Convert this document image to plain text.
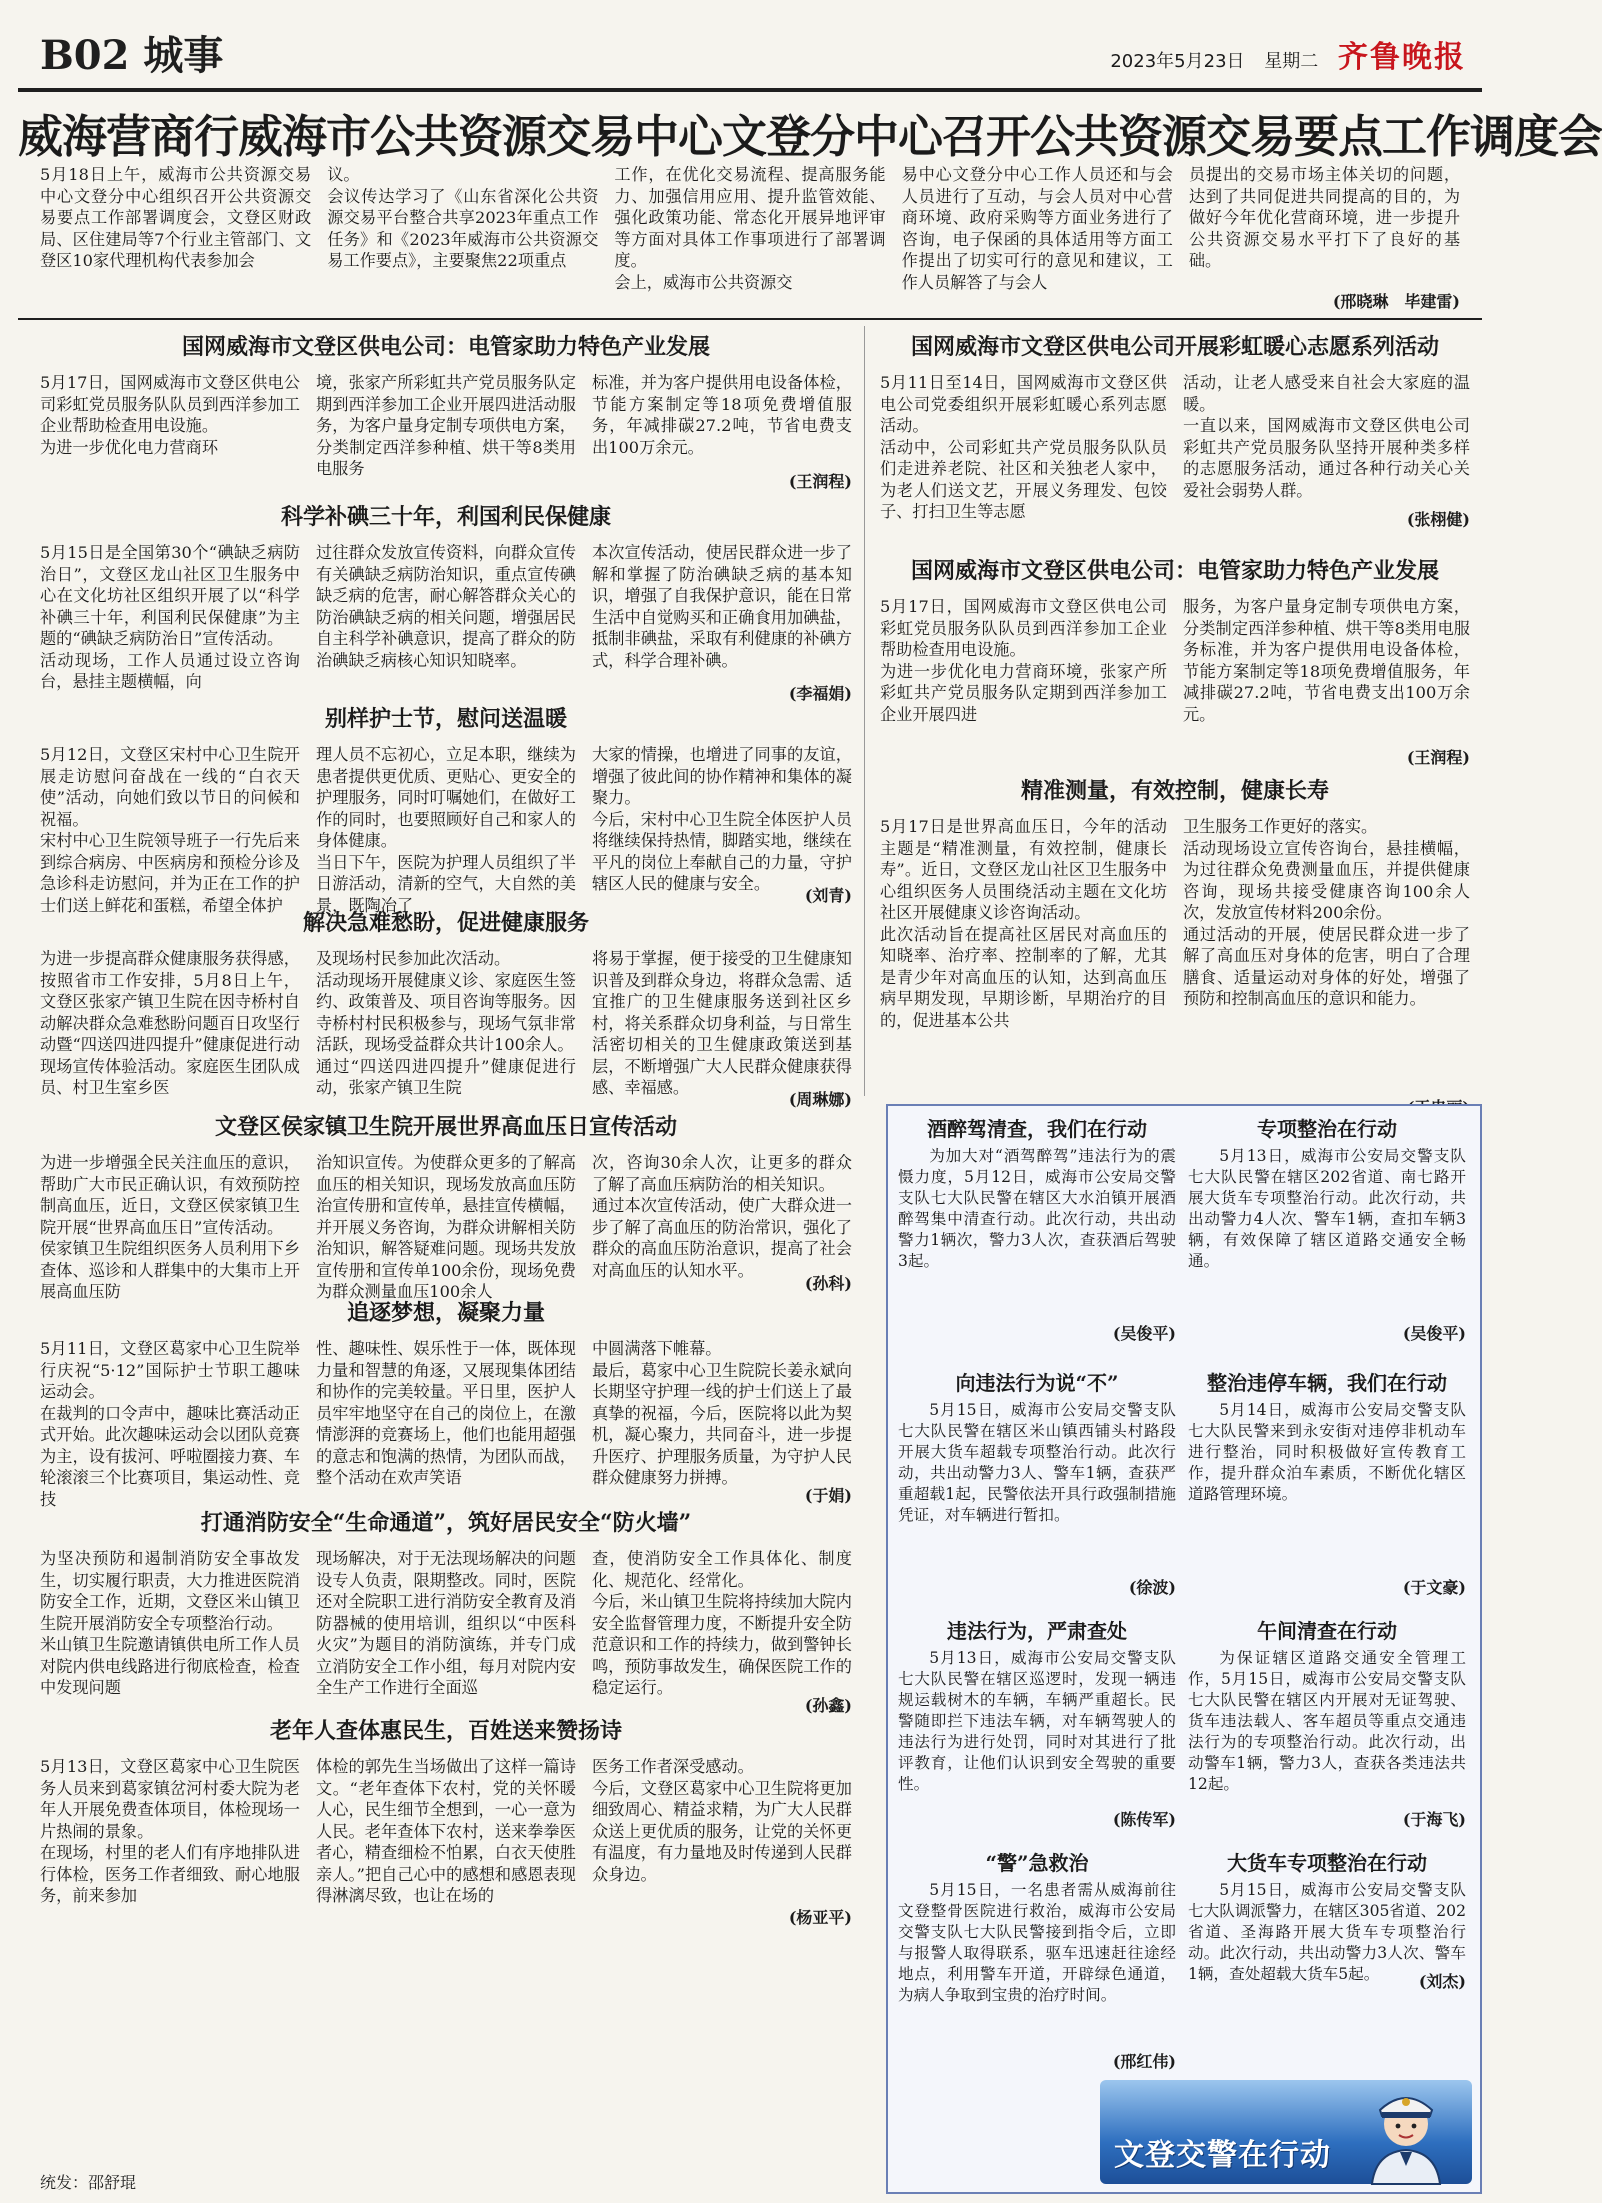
B02 城事	2023年5月23日 星期二 齐鲁晚报
威海营商行威海市公共资源交易中心文登分中心召开公共资源交易要点工作调度会
5月18日上午，威海市公共资源交易中心文登分中心组织召开公共资源交易要点工作部署调度会，文登区财政局、区住建局等7个行业主管部门、文登区10家代理机构代表参加会
议。
会议传达学习了《山东省深化公共资源交易平台整合共享2023年重点工作任务》和《2023年威海市公共资源交易工作要点》，主要聚焦22项重点
工作，在优化交易流程、提高服务能力、加强信用应用、提升监管效能、强化政策功能、常态化开展异地评审等方面对具体工作事项进行了部署调度。
会上，威海市公共资源交
易中心文登分中心工作人员还和与会人员进行了互动，与会人员对中心营商环境、政府采购等方面业务进行了咨询，电子保函的具体适用等方面工作提出了切实可行的意见和建议，工作人员解答了与会人
员提出的交易市场主体关切的问题，达到了共同促进共同提高的目的，为做好今年优化营商环境，进一步提升公共资源交易水平打下了良好的基础。
(邢晓琳　毕建雷)
国网威海市文登区供电公司：电管家助力特色产业发展
5月17日，国网威海市文登区供电公司彩虹党员服务队队员到西洋参加工企业帮助检查用电设施。
为进一步优化电力营商环
境，张家产所彩虹共产党员服务队定期到西洋参加工企业开展四进活动服务，为客户量身定制专项供电方案，分类制定西洋参种植、烘干等8类用电服务
标准，并为客户提供用电设备体检，节能方案制定等18项免费增值服务，年减排碳27.2吨，节省电费支出100万余元。
(王润程)
科学补碘三十年，利国利民保健康
5月15日是全国第30个“碘缺乏病防治日”，文登区龙山社区卫生服务中心在文化坊社区组织开展了以“科学补碘三十年，利国利民保健康”为主题的“碘缺乏病防治日”宣传活动。
活动现场，工作人员通过设立咨询台，悬挂主题横幅，向
过往群众发放宣传资料，向群众宣传有关碘缺乏病防治知识，重点宣传碘缺乏病的危害，耐心解答群众关心的防治碘缺乏病的相关问题，增强居民自主科学补碘意识，提高了群众的防治碘缺乏病核心知识知晓率。
本次宣传活动，使居民群众进一步了解和掌握了防治碘缺乏病的基本知识，增强了自我保护意识，能在日常生活中自觉购买和正确食用加碘盐，抵制非碘盐，采取有利健康的补碘方式，科学合理补碘。
(李福娟)
别样护士节，慰问送温暖
5月12日，文登区宋村中心卫生院开展走访慰问奋战在一线的“白衣天使”活动，向她们致以节日的问候和祝福。
宋村中心卫生院领导班子一行先后来到综合病房、中医病房和预检分诊及急诊科走访慰问，并为正在工作的护士们送上鲜花和蛋糕，希望全体护
理人员不忘初心，立足本职，继续为患者提供更优质、更贴心、更安全的护理服务，同时叮嘱她们，在做好工作的同时，也要照顾好自己和家人的身体健康。
当日下午，医院为护理人员组织了半日游活动，清新的空气，大自然的美景，既陶冶了
大家的情操，也增进了同事的友谊，增强了彼此间的协作精神和集体的凝聚力。
今后，宋村中心卫生院全体医护人员将继续保持热情，脚踏实地，继续在平凡的岗位上奉献自己的力量，守护辖区人民的健康与安全。
(刘青)
解决急难愁盼，促进健康服务
为进一步提高群众健康服务获得感，按照省市工作安排，5月8日上午，文登区张家产镇卫生院在因寺桥村自动解决群众急难愁盼问题百日攻坚行动暨“四送四进四提升”健康促进行动现场宣传体验活动。家庭医生团队成员、村卫生室乡医
及现场村民参加此次活动。
活动现场开展健康义诊、家庭医生签约、政策普及、项目咨询等服务。因寺桥村村民积极参与，现场气氛非常活跃，现场受益群众共计100余人。
通过“四送四进四提升”健康促进行动，张家产镇卫生院
将易于掌握，便于接受的卫生健康知识普及到群众身边，将群众急需、适宜推广的卫生健康服务送到社区乡村，将关系群众切身利益，与日常生活密切相关的卫生健康政策送到基层，不断增强广大人民群众健康获得感、幸福感。
(周琳娜)
文登区侯家镇卫生院开展世界高血压日宣传活动
为进一步增强全民关注血压的意识，帮助广大市民正确认识，有效预防控制高血压，近日，文登区侯家镇卫生院开展“世界高血压日”宣传活动。
侯家镇卫生院组织医务人员利用下乡查体、巡诊和人群集中的大集市上开展高血压防
治知识宣传。为使群众更多的了解高血压的相关知识，现场发放高血压防治宣传册和宣传单，悬挂宣传横幅，并开展义务咨询，为群众讲解相关防治知识，解答疑难问题。现场共发放宣传册和宣传单100余份，现场免费为群众测量血压100余人
次，咨询30余人次，让更多的群众了解了高血压病防治的相关知识。
通过本次宣传活动，使广大群众进一步了解了高血压的防治常识，强化了群众的高血压防治意识，提高了社会对高血压的认知水平。
(孙科)
追逐梦想，凝聚力量
5月11日，文登区葛家中心卫生院举行庆祝“5·12”国际护士节职工趣味运动会。
在裁判的口令声中，趣味比赛活动正式开始。此次趣味运动会以团队竞赛为主，设有拔河、呼啦圈接力赛、车轮滚滚三个比赛项目，集运动性、竞技
性、趣味性、娱乐性于一体，既体现力量和智慧的角逐，又展现集体团结和协作的完美较量。平日里，医护人员牢牢地坚守在自己的岗位上，在激情澎湃的竞赛场上，他们也能用超强的意志和饱满的热情，为团队而战，整个活动在欢声笑语
中圆满落下帷幕。
最后，葛家中心卫生院院长姜永斌向长期坚守护理一线的护士们送上了最真挚的祝福，今后，医院将以此为契机，凝心聚力，共同奋斗，进一步提升医疗、护理服务质量，为守护人民群众健康努力拼搏。
(于娟)
打通消防安全“生命通道”，筑好居民安全“防火墙”
为坚决预防和遏制消防安全事故发生，切实履行职责，大力推进医院消防安全工作，近期，文登区米山镇卫生院开展消防安全专项整治行动。
米山镇卫生院邀请镇供电所工作人员对院内供电线路进行彻底检查，检查中发现问题
现场解决，对于无法现场解决的问题设专人负责，限期整改。同时，医院还对全院职工进行消防安全教育及消防器械的使用培训，组织以“中医科火灾”为题目的消防演练，并专门成立消防安全工作小组，每月对院内安全生产工作进行全面巡
查，使消防安全工作具体化、制度化、规范化、经常化。
今后，米山镇卫生院将持续加大院内安全监督管理力度，不断提升安全防范意识和工作的持续力，做到警钟长鸣，预防事故发生，确保医院工作的稳定运行。
(孙鑫)
老年人查体惠民生，百姓送来赞扬诗
5月13日，文登区葛家中心卫生院医务人员来到葛家镇岔河村委大院为老年人开展免费查体项目，体检现场一片热闹的景象。
在现场，村里的老人们有序地排队进行体检，医务工作者细致、耐心地服务，前来参加
体检的郭先生当场做出了这样一篇诗文。“老年查体下农村，党的关怀暖人心，民生细节全想到，一心一意为人民。老年查体下农村，送来拳拳医者心，精查细检不怕累，白衣天使胜亲人。”把自己心中的感想和感恩表现得淋漓尽致，也让在场的
医务工作者深受感动。
今后，文登区葛家中心卫生院将更加细致周心、精益求精，为广大人民群众送上更优质的服务，让党的关怀更有温度，有力量地及时传递到人民群众身边。
(杨亚平)
国网威海市文登区供电公司开展彩虹暖心志愿系列活动
5月11日至14日，国网威海市文登区供电公司党委组织开展彩虹暖心系列志愿活动。
活动中，公司彩虹共产党员服务队队员们走进养老院、社区和关独老人家中，为老人们送文艺，开展义务理发、包饺子、打扫卫生等志愿
活动，让老人感受来自社会大家庭的温暖。
一直以来，国网威海市文登区供电公司彩虹共产党员服务队坚持开展种类多样的志愿服务活动，通过各种行动关心关爱社会弱势人群。
(张栩健)
国网威海市文登区供电公司：电管家助力特色产业发展
5月17日，国网威海市文登区供电公司彩虹党员服务队队员到西洋参加工企业帮助检查用电设施。
为进一步优化电力营商环境，张家产所彩虹共产党员服务队定期到西洋参加工企业开展四进
服务，为客户量身定制专项供电方案，分类制定西洋参种植、烘干等8类用电服务标准，并为客户提供用电设备体检，节能方案制定等18项免费增值服务，年减排碳27.2吨，节省电费支出100万余元。
(王润程)
精准测量，有效控制，健康长寿
5月17日是世界高血压日，今年的活动主题是“精准测量，有效控制，健康长寿”。近日，文登区龙山社区卫生服务中心组织医务人员围绕活动主题在文化坊社区开展健康义诊咨询活动。
此次活动旨在提高社区居民对高血压的知晓率、治疗率、控制率的了解，尤其是青少年对高血压的认知，达到高血压病早期发现，早期诊断，早期治疗的目的，促进基本公共
卫生服务工作更好的落实。
活动现场设立宣传咨询台，悬挂横幅，为过往群众免费测量血压，并提供健康咨询，现场共接受健康咨询100余人次，发放宣传材料200余份。
通过活动的开展，使居民群众进一步了解了高血压对身体的危害，明白了合理膳食、适量运动对身体的好处，增强了预防和控制高血压的意识和能力。
酒醉驾清查，我们在行动

为加大对“酒驾醉驾”违法行为的震慑力度，5月12日，威海市公安局交警支队七大队民警在辖区大水泊镇开展酒醉驾集中清查行动。此次行动，共出动警力1辆次，警力3人次，查获酒后驾驶3起。

(吴俊平)
专项整治在行动

5月13日，威海市公安局交警支队七大队民警在辖区202省道、南七路开展大货车专项整治行动。此次行动，共出动警力4人次、警车1辆，查扣车辆3辆，有效保障了辖区道路交通安全畅通。

(吴俊平)
向违法行为说“不”

5月15日，威海市公安局交警支队七大队民警在辖区米山镇西铺头村路段开展大货车超载专项整治行动。此次行动，共出动警力3人、警车1辆，查获严重超载1起，民警依法开具行政强制措施凭证，对车辆进行暂扣。

(徐波)
整治违停车辆，我们在行动

5月14日，威海市公安局交警支队七大队民警来到永安街对违停非机动车进行整治，同时积极做好宣传教育工作，提升群众泊车素质，不断优化辖区道路管理环境。

(于文豪)
违法行为，严肃查处

5月13日，威海市公安局交警支队七大队民警在辖区巡逻时，发现一辆违规运载树木的车辆，车辆严重超长。民警随即拦下违法车辆，对车辆驾驶人的违法行为进行处罚，同时对其进行了批评教育，让他们认识到安全驾驶的重要性。

(陈传军)
午间清查在行动

为保证辖区道路交通安全管理工作，5月15日，威海市公安局交警支队七大队民警在辖区内开展对无证驾驶、货车违法载人、客车超员等重点交通违法行为的专项整治行动。此次行动，出动警车1辆，警力3人，查获各类违法共12起。

(于海飞)
“警”急救治

5月15日，一名患者需从威海前往文登整骨医院进行救治，威海市公安局交警支队七大队民警接到指令后，立即与报警人取得联系，驱车迅速赶往途经地点，利用警车开道，开辟绿色通道，为病人争取到宝贵的治疗时间。

(邢红伟)
大货车专项整治在行动

5月15日，威海市公安局交警支队七大队调派警力，在辖区305省道、202省道、圣海路开展大货车专项整治行动。此次行动，共出动警力3人次、警车1辆，查处超载大货车5起。	(刘杰)
文登交警在行动
统发：邵舒琨
